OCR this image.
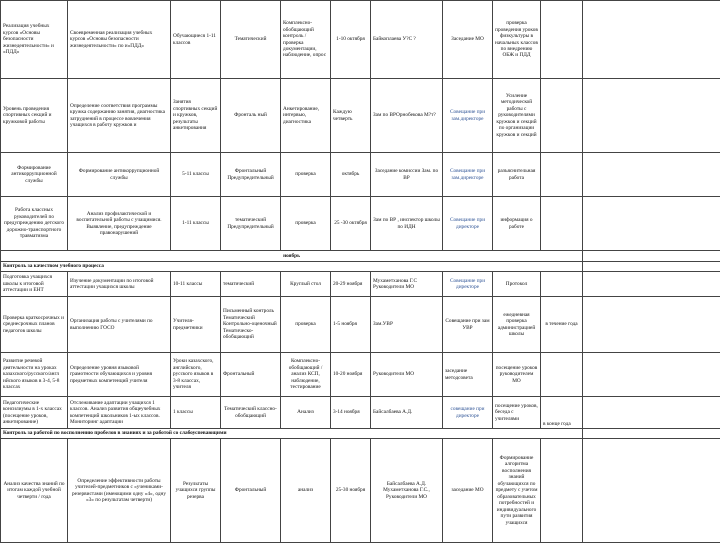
Реализация учебных курсов «Основы безопасности жизнедеятельности» и «ПДД»	Своевременная реализация учебных курсов «Основы безопасности жизнедеятельности» по и«ПДД»	Обучающиеся 1-11 классов	Тематический	Комплексно-обобщающий контроль / проверка документации, наблюдение, опрос	1-10 октября	Байкоплаева У?С ?	Заседание МО	проверка проведения уроков физкультуры в начальных классов по внедрению ОБЖ и ПДД		
Уровень проведения спортивных секций и кружковой работы	Определение соответствия программы кружка содержанию занятия, диагностика затруднений в процессе вовлечения учащихся в работу кружков и	Занятия спортивных секций и кружков, результаты анкетирования	Фронталь ный	Анкетирование, интервью, диагностика	Каждую четверть	Зам по ВРОрнобекова М?т?	Совещание при зам.директоре	Усиление методической работы с руководителями кружков и секций по организации кружков и секций		
Формирование антикоррупционной службы	Формирование антикоррупционной службы	5-11 классы	Фронтальный Предупредительный	проверка	октябрь	Заседание комиссии Зам. по ВР	Совещание при зам.директоре	разъяснительная работа		
Работа классных руководителей по предупреждению детского дорожно-транспортного травматизма	Анализ профилактической и воспитательной работы с учащимися. Выявление, предупреждение правонарушений	1-11 классы	тематический Предупредительный	проверка	25 -30 октября	Зам по ВР , инспектор школы по ИДН	Совещание при директоре	информация о работе		
ноябрь										
Контроль за качеством учебного процесса										
Подготовка учащихся школы к итоговой аттестации и ЕНТ	Изучение документации по итоговой аттестации учащихся школы	10-11 классы	тематический	Круглый стол	20-29 ноября	Мухаметханова Г.С Руководители МО	Совещание при директоре	Протокол		
Проверка краткосрочных и среднесрочных планов педагогов школы	Организация работы с учителями по выполнению ГОСО	Учителя-предметники	Письменный контроль Тематический Контрольно-оценочный Тематическо-обобщающий	проверка	1-5 ноября	Зам.УВР	Совещание при зам УВР	ежедневная проверка администрацией школы	в течение года	
Развитие речевой деятельности на уроках казахского/русского/англ ийского языков в 3-4, 5-8 классах	Определение уровня языковой грамотности обучающихся и уровня предметных компетенций учителя	Уроки казахского, английского, русского языков в 3-8 классах, учителя	Фронтальный	Комплексно-обобщающий / анализ КСП, наблюдение, тестирование	10-20 ноября	Руководители МО	заседание методсовета	посещение уроков руководителем МО		
Педагогические консилиумы в 1-х классах (посещение уроков, анкетирование)	Отслеживание адаптации учащихся 1 классов. Анализ развития общеучебных компетенций школьников 1-ых классов. Мониторинг адаптации	1 классы	Тематический классно-обобщающий	Анализ	3-14 ноября	Байсалбаева А.Д.	совещание при директоре	посещение уроков, беседа с учителями	в конце года	
Контроль за работой по восполнению пробелов в знаниях и за работой со слабоуспевающими										
Анализ качества знаний по итогам каждой учебной четверти / года	Определение эффективности работы учителей-предметников с «учениками-резервистами (имеющими одну «4», одну «3» по результатам четверти)	Результаты учащихся группы резерва	Фронтальный	анализ	25-30 ноября	Байсалбаева А.Д. Мухаметханова Г.С., Руководители МО	заседание МО	Формирование алгоритма восполнения знаний обучающихся по предмету с учетом образовательных потребностей и индивидуального пути развития учащихся		
